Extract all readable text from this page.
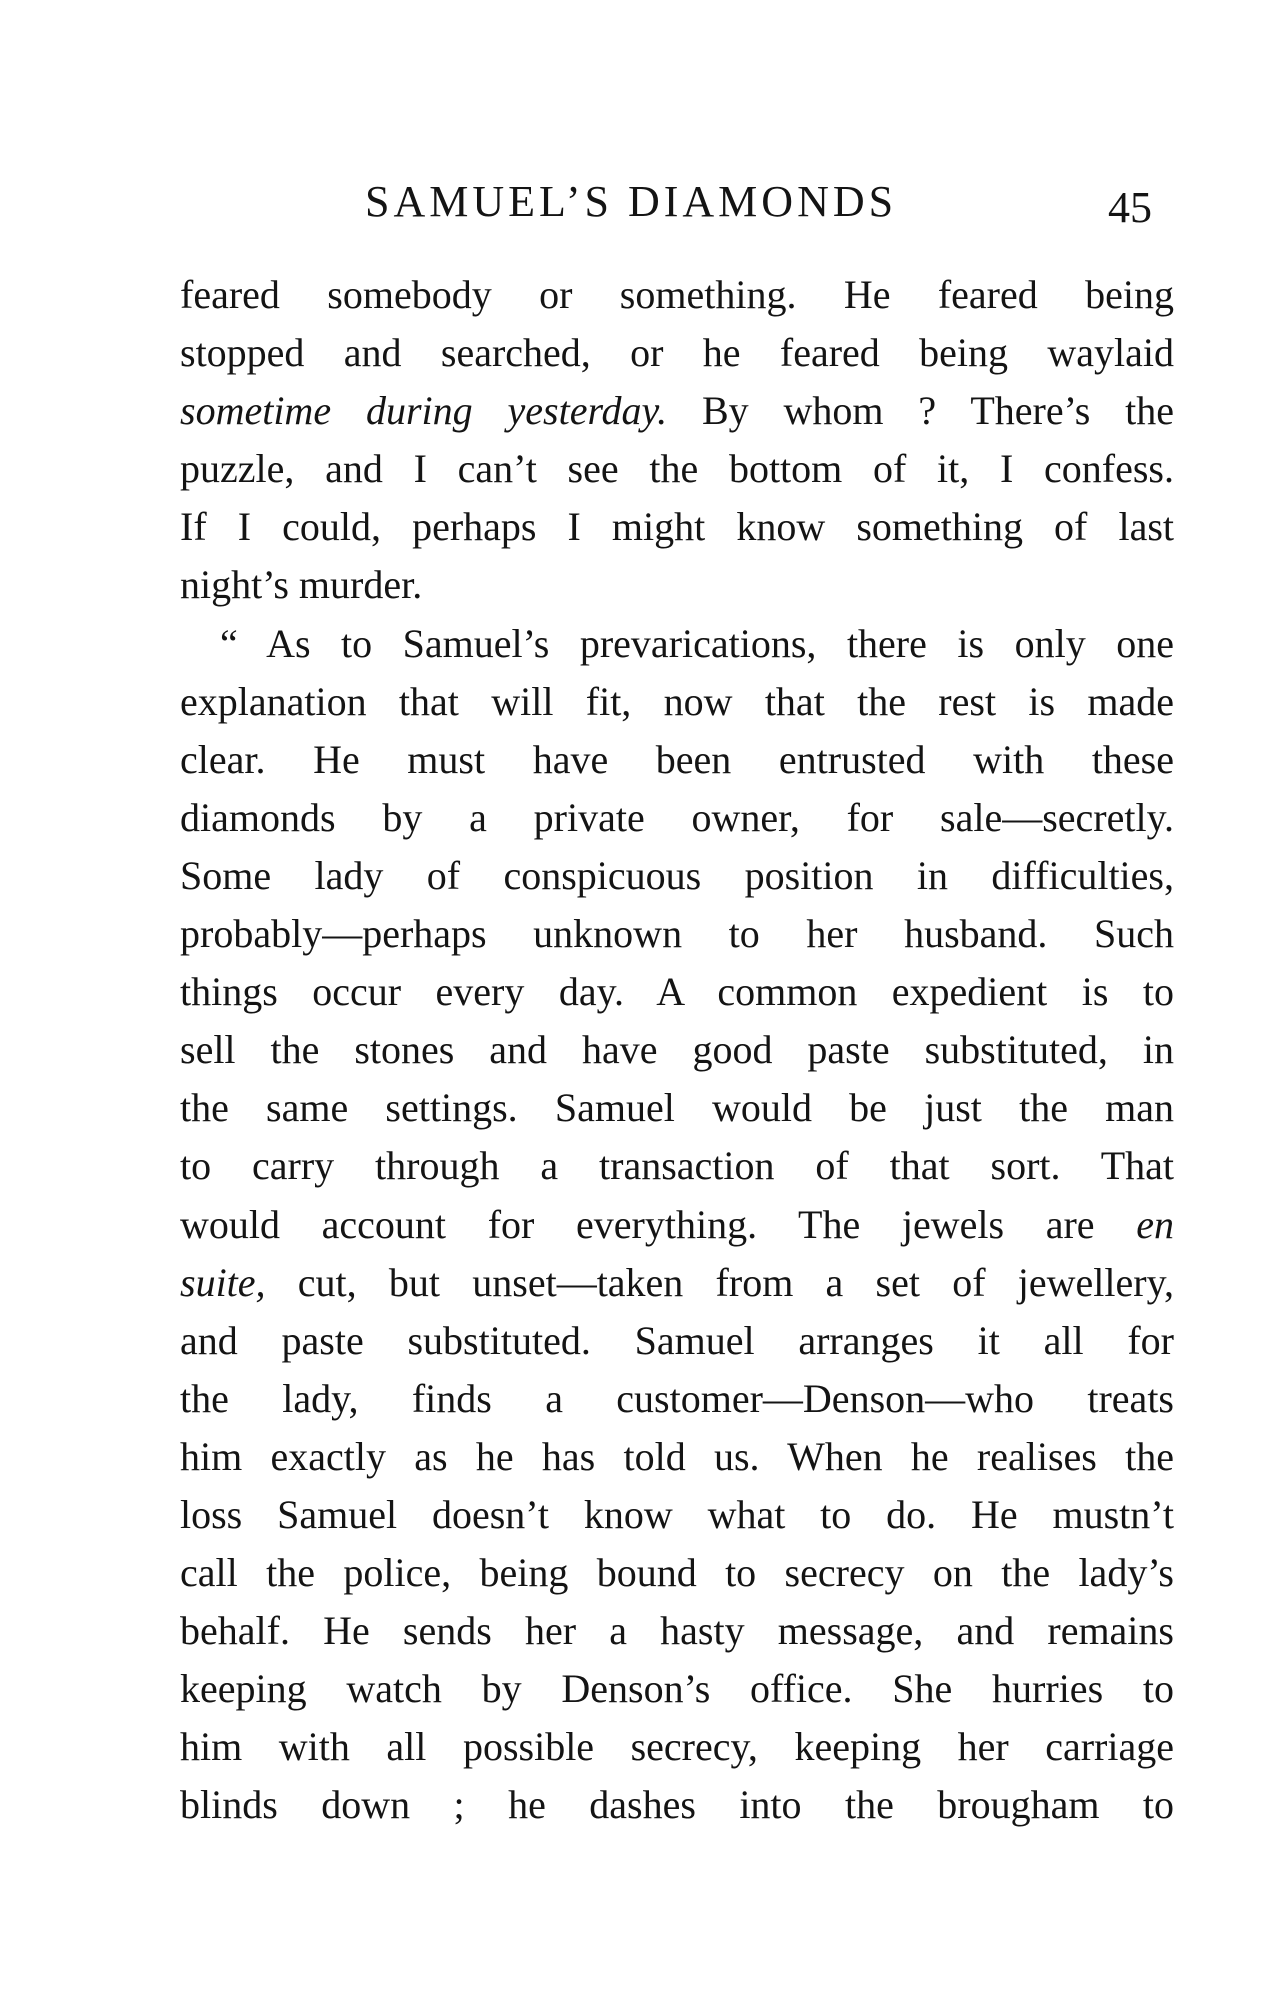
SAMUEL’S DIAMONDS	45
feared somebody or something. He feared being
stopped and searched, or he feared being waylaid
sometime during yesterday. By whom ? There’s the
puzzle, and I can’t see the bottom of it, I confess.
If I could, perhaps I might know something of last
night’s murder.
“ As to Samuel’s prevarications, there is only one
explanation that will fit, now that the rest is made
clear. He must have been entrusted with these
diamonds by a private owner, for sale—secretly.
Some lady of conspicuous position in difficulties,
probably—perhaps unknown to her husband. Such
things occur every day. A common expedient is to
sell the stones and have good paste substituted, in
the same settings. Samuel would be just the man
to carry through a transaction of that sort. That
would account for everything. The jewels are en
suite, cut, but unset—taken from a set of jewellery,
and paste substituted. Samuel arranges it all for
the lady, finds a customer—Denson—who treats
him exactly as he has told us. When he realises the
loss Samuel doesn’t know what to do. He mustn’t
call the police, being bound to secrecy on the lady’s
behalf. He sends her a hasty message, and remains
keeping watch by Denson’s office. She hurries to
him with all possible secrecy, keeping her carriage
blinds down ; he dashes into the brougham to
